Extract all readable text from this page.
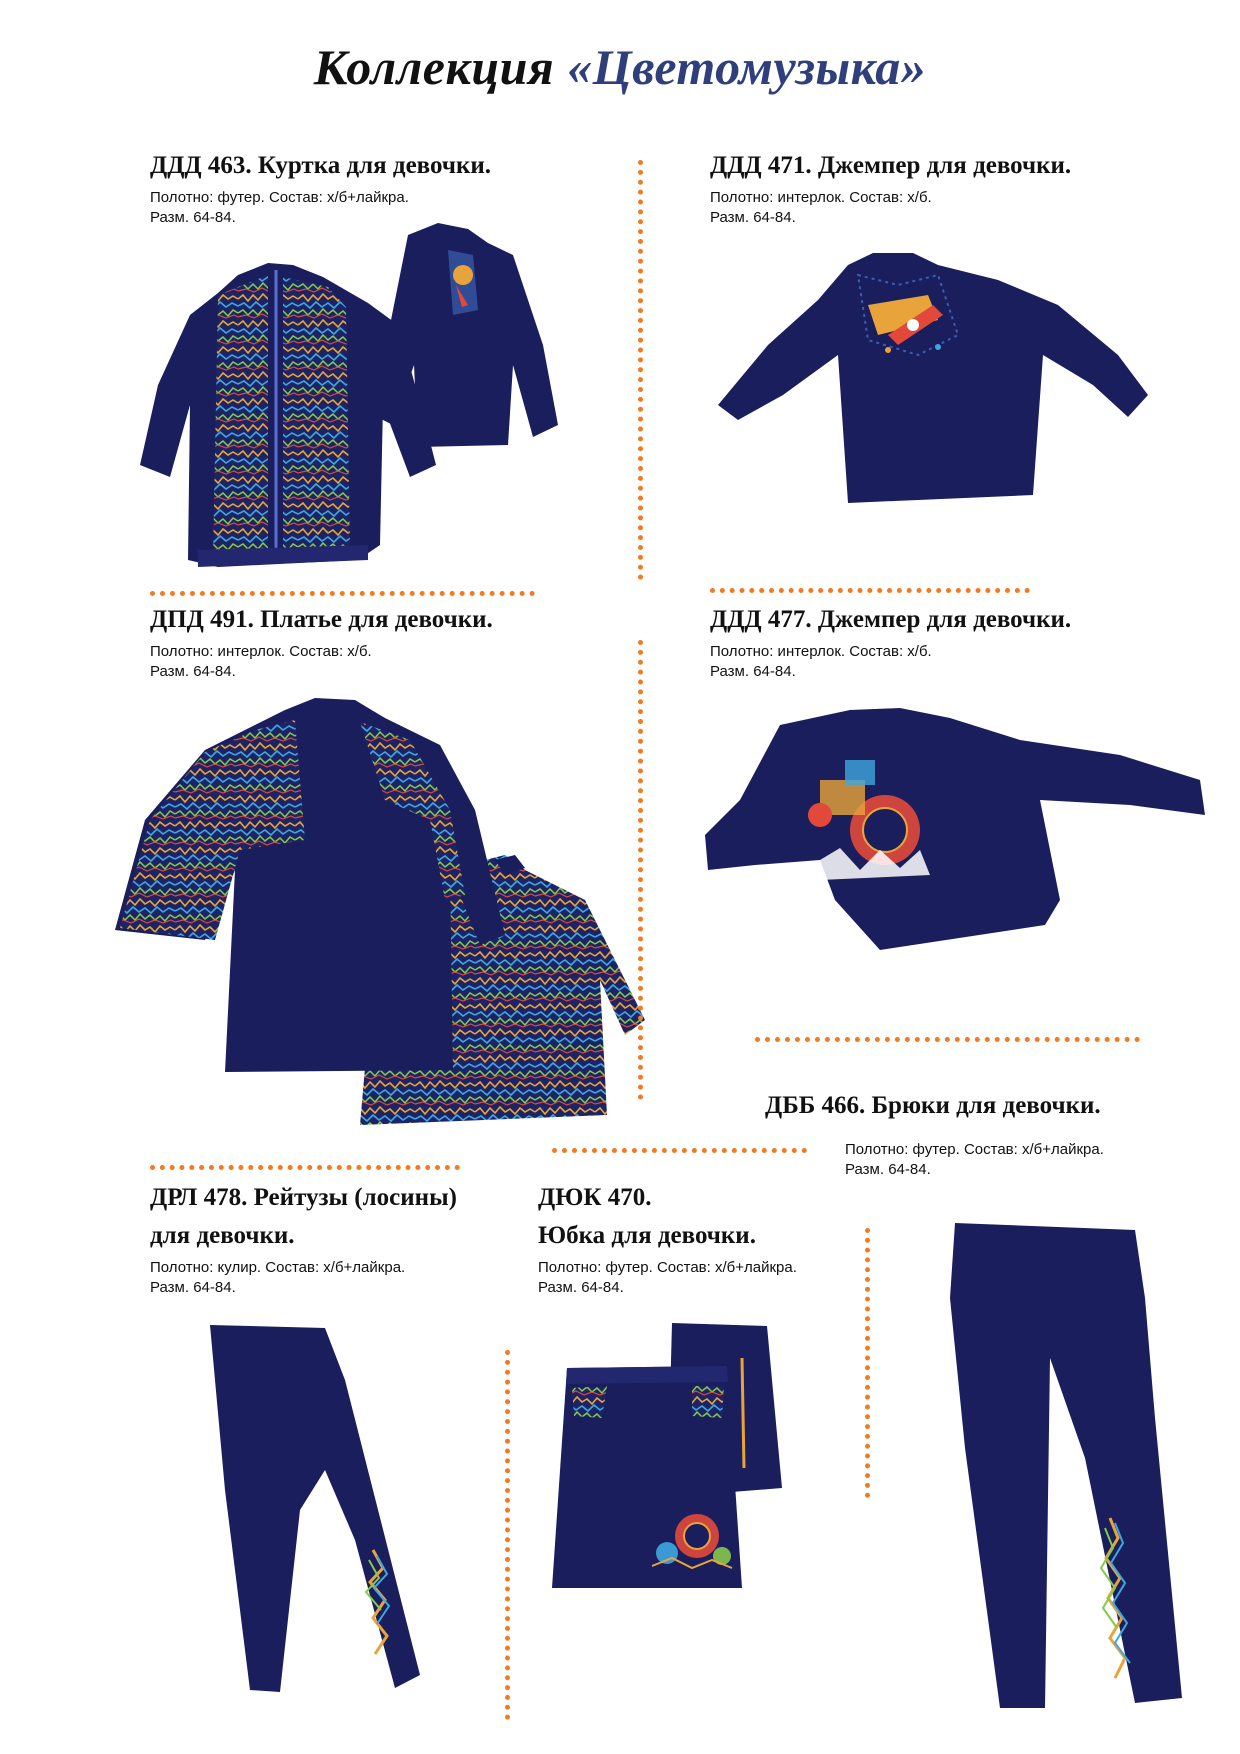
Коллекция «Цветомузыка»
ДДД 463. Куртка для девочки.

Полотно: футер. Состав: х/б+лайкра.

Разм. 64-84.

ДДД 471. Джемпер для девочки.

Полотно: интерлок. Состав: х/б.

Разм. 64-84.

ДПД 491. Платье для девочки.

Полотно: интерлок. Состав: х/б.

Разм. 64-84.

ДДД 477. Джемпер для девочки.

Полотно: интерлок. Состав: х/б.

Разм. 64-84.

ДББ 466. Брюки для девочки.

Полотно: футер. Состав: х/б+лайкра.

Разм. 64-84.

ДРЛ 478. Рейтузы (лосины)
для девочки.

Полотно: кулир. Состав: х/б+лайкра.

Разм. 64-84.

ДЮК 470.
Юбка для девочки.

Полотно: футер. Состав: х/б+лайкра.

Разм. 64-84.
